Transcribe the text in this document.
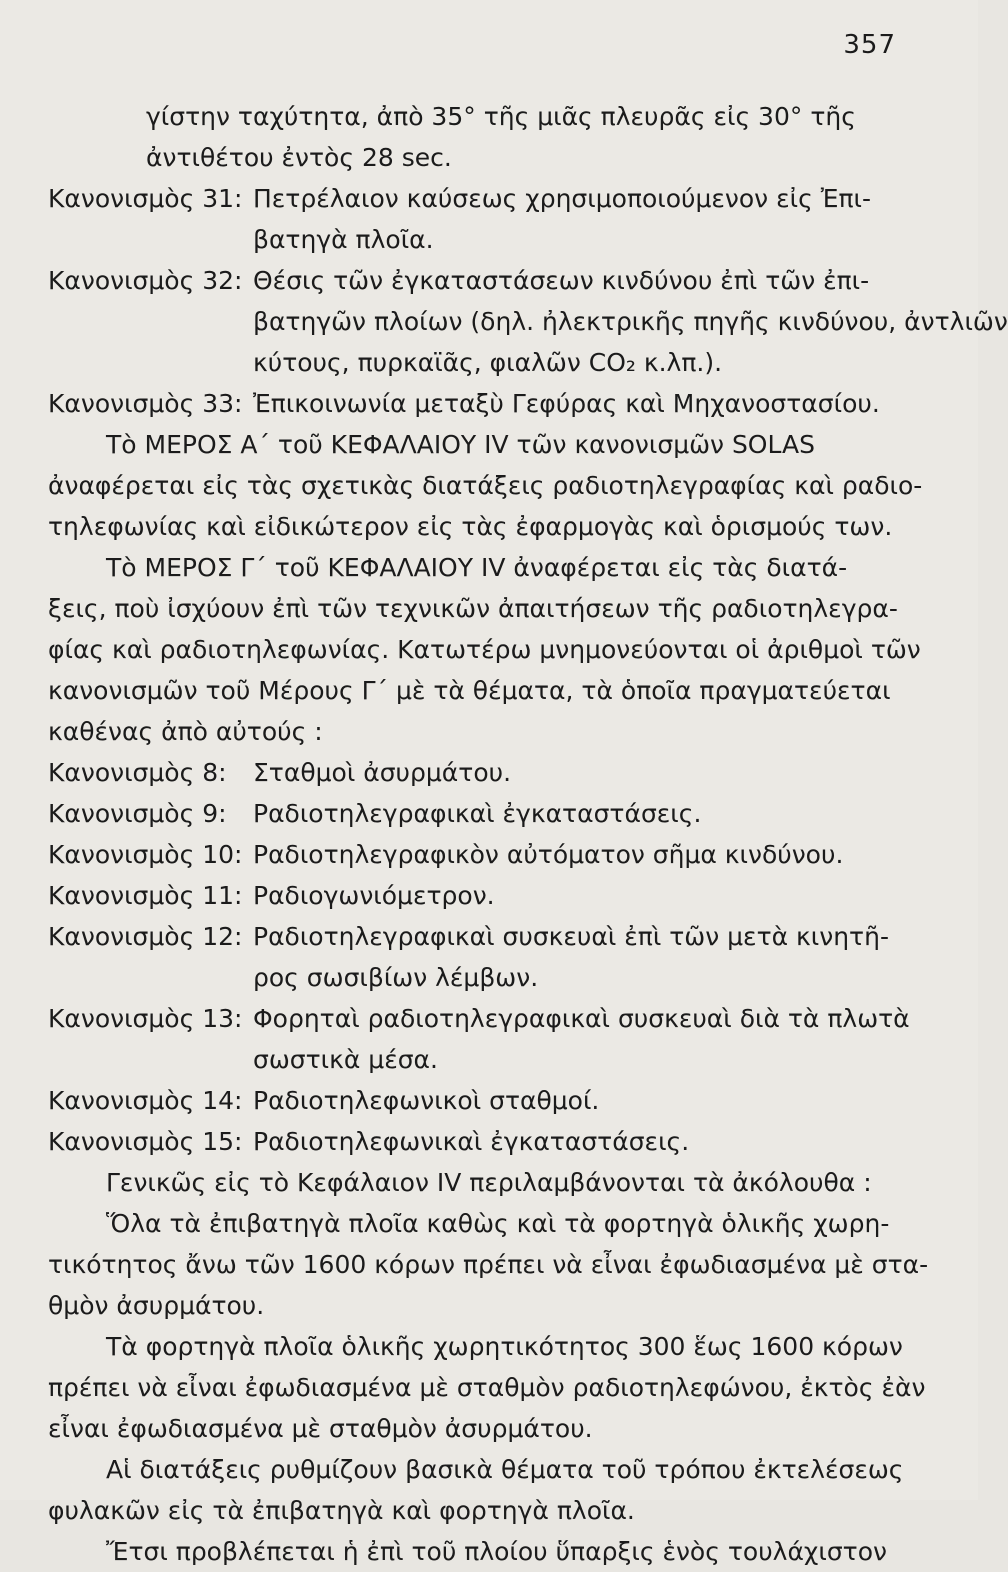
357
γίστην ταχύτητα, ἀπὸ 35° τῆς μιᾶς πλευρᾶς εἰς 30° τῆς
ἀντιθέτου ἐντὸς 28 sec.
Κανονισμὸς 31: Πετρέλαιον καύσεως χρησιμοποιούμενον εἰς Ἐπι-
βατηγὰ πλοῖα.
Κανονισμὸς 32: Θέσις τῶν ἐγκαταστάσεων κινδύνου ἐπὶ τῶν ἐπι-
βατηγῶν πλοίων (δηλ. ἠλεκτρικῆς πηγῆς κινδύνου, ἀντλιῶν
κύτους, πυρκαϊᾶς, φιαλῶν CO₂ κ.λπ.).
Κανονισμὸς 33: Ἐπικοινωνία μεταξὺ Γεφύρας καὶ Μηχανοστασίου.
Τὸ ΜΕΡΟΣ Α΄ τοῦ ΚΕΦΑΛΑΙΟΥ IV τῶν κανονισμῶν SOLAS
ἀναφέρεται εἰς τὰς σχετικὰς διατάξεις ραδιοτηλεγραφίας καὶ ραδιο-
τηλεφωνίας καὶ εἰδικώτερον εἰς τὰς ἐφαρμογὰς καὶ ὁρισμούς των.
Τὸ ΜΕΡΟΣ Γ΄ τοῦ ΚΕΦΑΛΑΙΟΥ IV ἀναφέρεται εἰς τὰς διατά-
ξεις, ποὺ ἰσχύουν ἐπὶ τῶν τεχνικῶν ἀπαιτήσεων τῆς ραδιοτηλεγρα-
φίας καὶ ραδιοτηλεφωνίας. Κατωτέρω μνημονεύονται οἱ ἀριθμοὶ τῶν
κανονισμῶν τοῦ Μέρους Γ΄ μὲ τὰ θέματα, τὰ ὁποῖα πραγματεύεται
καθένας ἀπὸ αὐτούς :
Κανονισμὸς 8:	Σταθμοὶ ἀσυρμάτου.
Κανονισμὸς 9:	Ραδιοτηλεγραφικαὶ ἐγκαταστάσεις.
Κανονισμὸς 10: Ραδιοτηλεγραφικὸν αὐτόματον σῆμα κινδύνου.
Κανονισμὸς 11: Ραδιογωνιόμετρον.
Κανονισμὸς 12: Ραδιοτηλεγραφικαὶ συσκευαὶ ἐπὶ τῶν μετὰ κινητῆ-
ρος σωσιβίων λέμβων.
Κανονισμὸς 13: Φορηταὶ ραδιοτηλεγραφικαὶ συσκευαὶ διὰ τὰ πλωτὰ
σωστικὰ μέσα.
Κανονισμὸς 14: Ραδιοτηλεφωνικοὶ σταθμοί.
Κανονισμὸς 15: Ραδιοτηλεφωνικαὶ ἐγκαταστάσεις.
Γενικῶς εἰς τὸ Κεφάλαιον IV περιλαμβάνονται τὰ ἀκόλουθα :
Ὅλα τὰ ἐπιβατηγὰ πλοῖα καθὼς καὶ τὰ φορτηγὰ ὁλικῆς χωρη-
τικότητος ἄνω τῶν 1600 κόρων πρέπει νὰ εἶναι ἐφωδιασμένα μὲ στα-
θμὸν ἀσυρμάτου.
Τὰ φορτηγὰ πλοῖα ὁλικῆς χωρητικότητος 300 ἕως 1600 κόρων
πρέπει νὰ εἶναι ἐφωδιασμένα μὲ σταθμὸν ραδιοτηλεφώνου, ἐκτὸς ἐὰν
εἶναι ἐφωδιασμένα μὲ σταθμὸν ἀσυρμάτου.
Αἱ διατάξεις ρυθμίζουν βασικὰ θέματα τοῦ τρόπου ἐκτελέσεως
φυλακῶν εἰς τὰ ἐπιβατηγὰ καὶ φορτηγὰ πλοῖα.
Ἔτσι προβλέπεται ἡ ἐπὶ τοῦ πλοίου ὕπαρξις ἑνὸς τουλάχιστον
